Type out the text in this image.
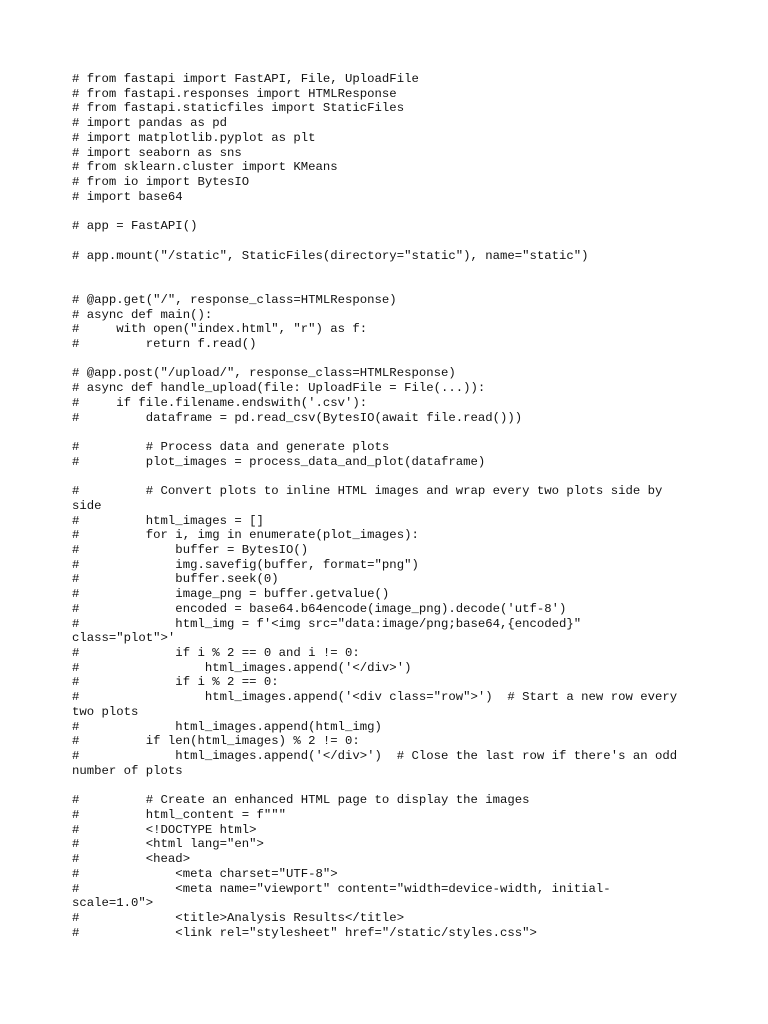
# from fastapi import FastAPI, File, UploadFile
# from fastapi.responses import HTMLResponse
# from fastapi.staticfiles import StaticFiles
# import pandas as pd
# import matplotlib.pyplot as plt
# import seaborn as sns
# from sklearn.cluster import KMeans
# from io import BytesIO
# import base64
# app = FastAPI()
# app.mount("/static", StaticFiles(directory="static"), name="static")
# @app.get("/", response_class=HTMLResponse)
# async def main():
#     with open("index.html", "r") as f:
#         return f.read()
# @app.post("/upload/", response_class=HTMLResponse)
# async def handle_upload(file: UploadFile = File(...)):
#     if file.filename.endswith('.csv'):
#         dataframe = pd.read_csv(BytesIO(await file.read()))
#         # Process data and generate plots
#         plot_images = process_data_and_plot(dataframe)
#         # Convert plots to inline HTML images and wrap every two plots side by
side
#         html_images = []
#         for i, img in enumerate(plot_images):
#             buffer = BytesIO()
#             img.savefig(buffer, format="png")
#             buffer.seek(0)
#             image_png = buffer.getvalue()
#             encoded = base64.b64encode(image_png).decode('utf-8')
#             html_img = f'<img src="data:image/png;base64,{encoded}"
class="plot">'
#             if i % 2 == 0 and i != 0:
#                 html_images.append('</div>')
#             if i % 2 == 0:
#                 html_images.append('<div class="row">')  # Start a new row every
two plots
#             html_images.append(html_img)
#         if len(html_images) % 2 != 0:
#             html_images.append('</div>')  # Close the last row if there's an odd
number of plots
#         # Create an enhanced HTML page to display the images
#         html_content = f"""
#         <!DOCTYPE html>
#         <html lang="en">
#         <head>
#             <meta charset="UTF-8">
#             <meta name="viewport" content="width=device-width, initial-
scale=1.0">
#             <title>Analysis Results</title>
#             <link rel="stylesheet" href="/static/styles.css">
